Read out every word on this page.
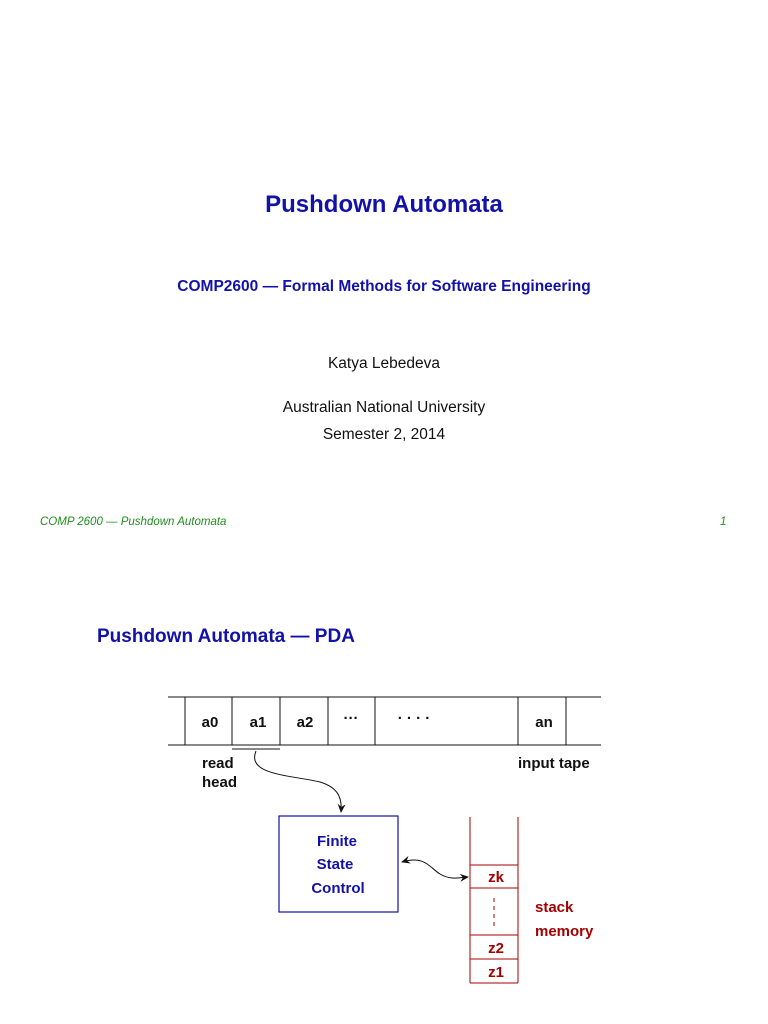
Pushdown Automata
COMP2600 — Formal Methods for Software Engineering
Katya Lebedeva
Australian National University
Semester 2, 2014
COMP 2600 — Pushdown Automata	1
Pushdown Automata — PDA
a0 a1 a2 ···	· · · ·	an
read
head
input tape
Finite
State
Control
zk
z2
z1
stack
memory
